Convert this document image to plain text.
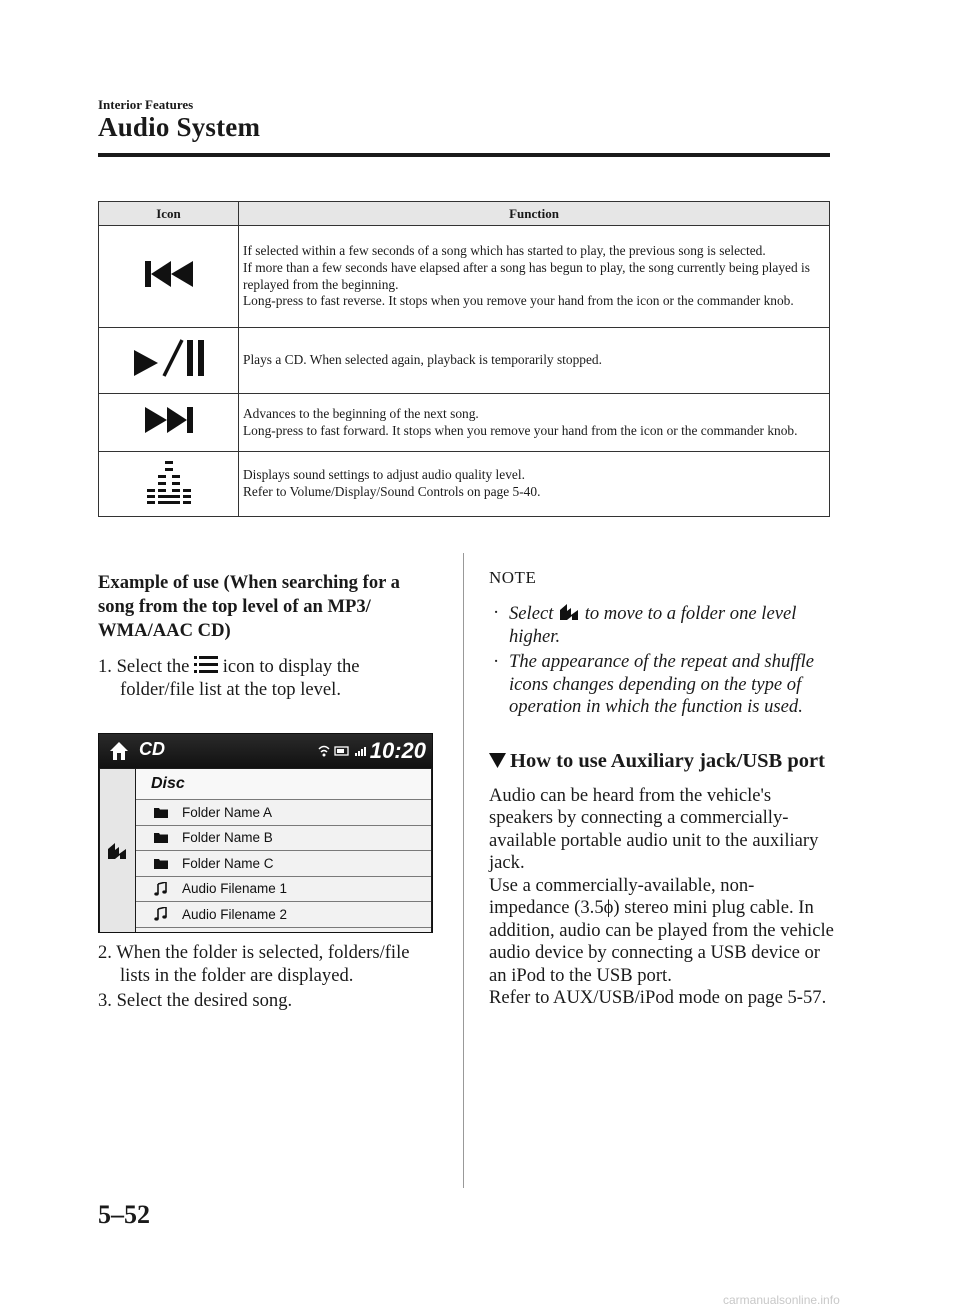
Interior Features
Audio System
Icon	Function
	If selected within a few seconds of a song which has started to play, the previous song is selected.
If more than a few seconds have elapsed after a song has begun to play, the song currently being played is replayed from the beginning.
Long-press to fast reverse. It stops when you remove your hand from the icon or the commander knob.
	Plays a CD. When selected again, playback is temporarily stopped.
	Advances to the beginning of the next song.
Long-press to fast forward. It stops when you remove your hand from the icon or the commander knob.
	Displays sound settings to adjust audio quality level.
Refer to Volume/Display/Sound Controls on page 5-40.
Example of use (When searching for a song from the top level of an MP3/ WMA/AAC CD)
1. Select the  icon to display the folder/file list at the top level.
CD	10:20
Disc
Folder Name A
Folder Name B
Folder Name C
Audio Filename 1
Audio Filename 2
2. When the folder is selected, folders/file lists in the folder are displayed.
3. Select the desired song.
NOTE
· Select  to move to a folder one level higher.
· The appearance of the repeat and shuffle icons changes depending on the type of operation in which the function is used.
How to use Auxiliary jack/USB port
Audio can be heard from the vehicle's speakers by connecting a commercially-available portable audio unit to the auxiliary jack.
Use a commercially-available, non-impedance (3.5ϕ) stereo mini plug cable. In addition, audio can be played from the vehicle audio device by connecting a USB device or an iPod to the USB port.
Refer to AUX/USB/iPod mode on page 5-57.
5–52
carmanualsonline.info
